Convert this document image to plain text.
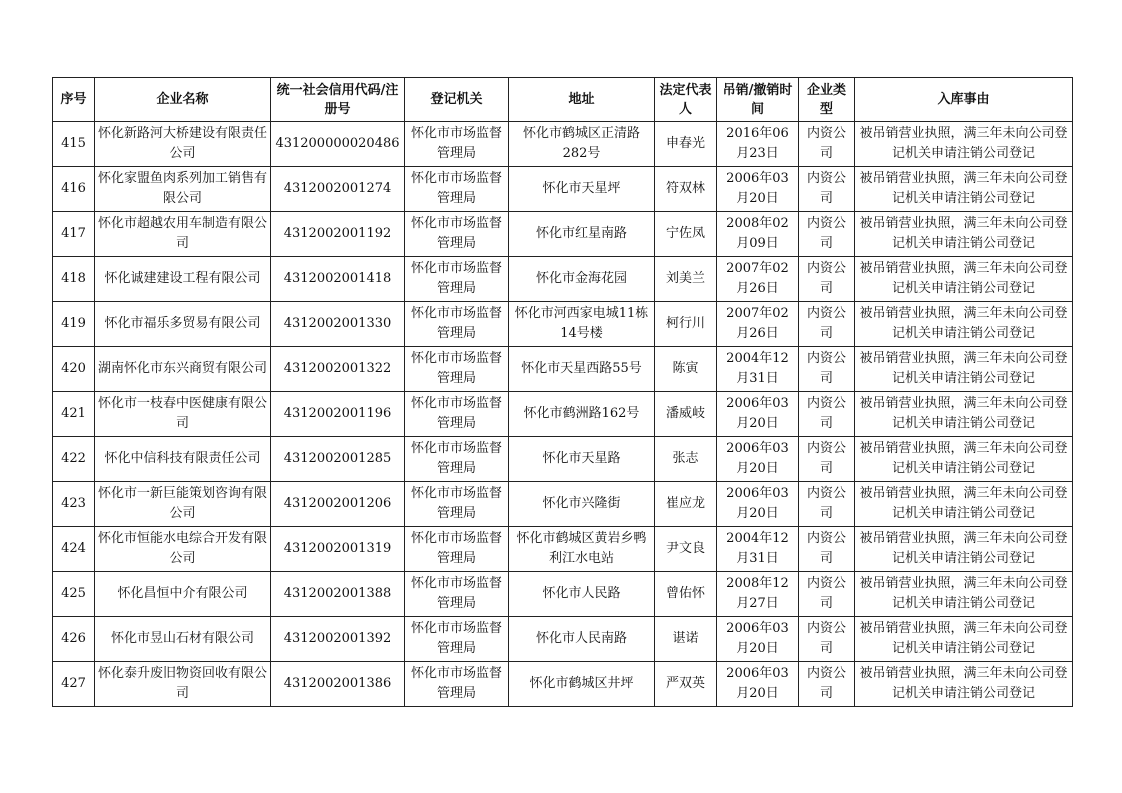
序号	企业名称	统一社会信用代码/注册号	登记机关	地址	法定代表人	吊销/撤销时间	企业类型	入库事由
415	怀化新路河大桥建设有限责任公司	431200000020486	怀化市市场监督管理局	怀化市鹤城区正清路282号	申春光	2016年06月23日	内资公司	被吊销营业执照，满三年未向公司登记机关申请注销公司登记
416	怀化家盟鱼肉系列加工销售有限公司	4312002001274	怀化市市场监督管理局	怀化市天星坪	符双林	2006年03月20日	内资公司	被吊销营业执照，满三年未向公司登记机关申请注销公司登记
417	怀化市超越农用车制造有限公司	4312002001192	怀化市市场监督管理局	怀化市红星南路	宁佐凤	2008年02月09日	内资公司	被吊销营业执照，满三年未向公司登记机关申请注销公司登记
418	怀化诚建建设工程有限公司	4312002001418	怀化市市场监督管理局	怀化市金海花园	刘美兰	2007年02月26日	内资公司	被吊销营业执照，满三年未向公司登记机关申请注销公司登记
419	怀化市福乐多贸易有限公司	4312002001330	怀化市市场监督管理局	怀化市河西家电城11栋14号楼	柯行川	2007年02月26日	内资公司	被吊销营业执照，满三年未向公司登记机关申请注销公司登记
420	湖南怀化市东兴商贸有限公司	4312002001322	怀化市市场监督管理局	怀化市天星西路55号	陈寅	2004年12月31日	内资公司	被吊销营业执照，满三年未向公司登记机关申请注销公司登记
421	怀化市一枝春中医健康有限公司	4312002001196	怀化市市场监督管理局	怀化市鹤洲路162号	潘威岐	2006年03月20日	内资公司	被吊销营业执照，满三年未向公司登记机关申请注销公司登记
422	怀化中信科技有限责任公司	4312002001285	怀化市市场监督管理局	怀化市天星路	张志	2006年03月20日	内资公司	被吊销营业执照，满三年未向公司登记机关申请注销公司登记
423	怀化市一新巨能策划咨询有限公司	4312002001206	怀化市市场监督管理局	怀化市兴隆街	崔应龙	2006年03月20日	内资公司	被吊销营业执照，满三年未向公司登记机关申请注销公司登记
424	怀化市恒能水电综合开发有限公司	4312002001319	怀化市市场监督管理局	怀化市鹤城区黄岩乡鸭利江水电站	尹文良	2004年12月31日	内资公司	被吊销营业执照，满三年未向公司登记机关申请注销公司登记
425	怀化昌恒中介有限公司	4312002001388	怀化市市场监督管理局	怀化市人民路	曾佑怀	2008年12月27日	内资公司	被吊销营业执照，满三年未向公司登记机关申请注销公司登记
426	怀化市昱山石材有限公司	4312002001392	怀化市市场监督管理局	怀化市人民南路	谌诺	2006年03月20日	内资公司	被吊销营业执照，满三年未向公司登记机关申请注销公司登记
427	怀化泰升废旧物资回收有限公司	4312002001386	怀化市市场监督管理局	怀化市鹤城区井坪	严双英	2006年03月20日	内资公司	被吊销营业执照，满三年未向公司登记机关申请注销公司登记
